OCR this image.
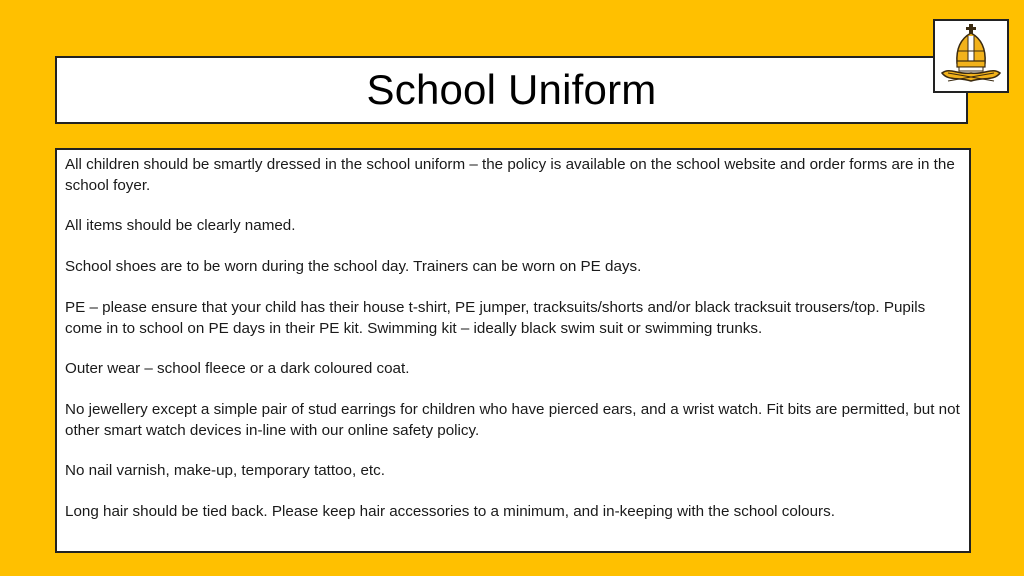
School Uniform

All children should be smartly dressed in the school uniform – the policy is available on the school website and order forms are in the school foyer.

All items should be clearly named.

School shoes are to be worn during the school day. Trainers can be worn on PE days.

PE – please ensure that your child has their house t-shirt, PE jumper, tracksuits/shorts and/or black tracksuit trousers/top. Pupils come in to school on PE days in their PE kit. Swimming kit – ideally black swim suit or swimming trunks.

Outer wear – school fleece or a dark coloured coat.

No jewellery except a simple pair of stud earrings for children who have pierced ears, and a wrist watch. Fit bits are permitted, but not other smart watch devices in-line with our online safety policy.

No nail varnish, make-up, temporary tattoo, etc.

Long hair should be tied back. Please keep hair accessories to a minimum, and in-keeping with the school colours.
